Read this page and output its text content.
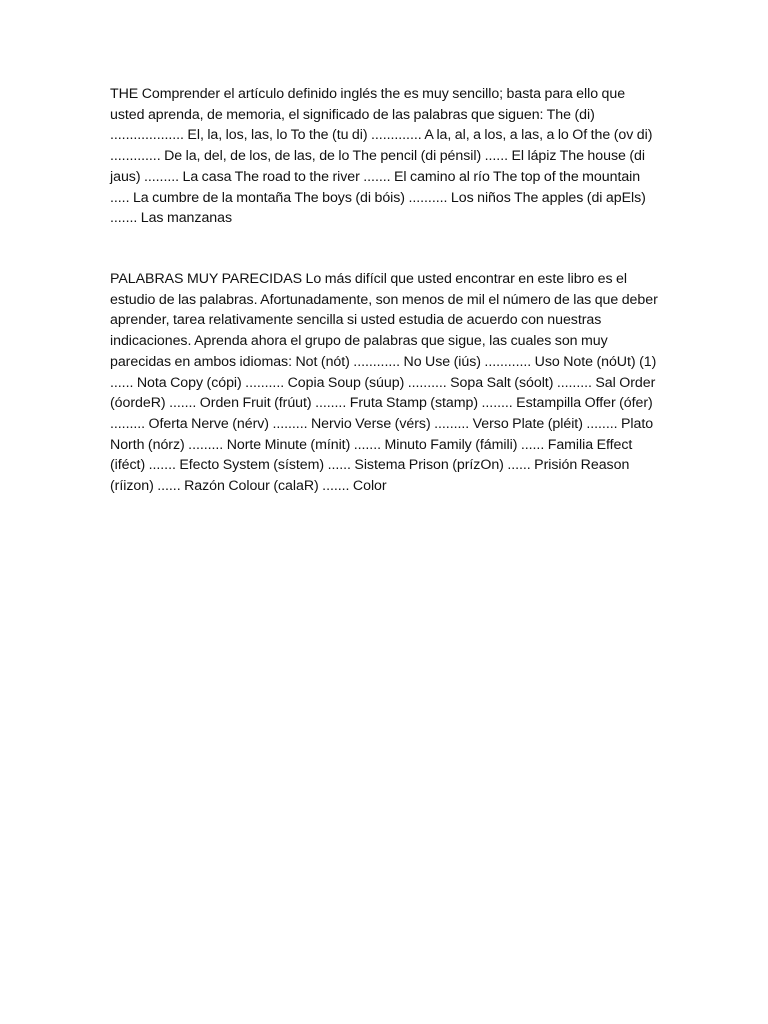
THE Comprender el artículo definido inglés the es muy sencillo; basta para ello que usted aprenda, de memoria, el significado de las palabras que siguen: The (di) ................... El, la, los, las, lo To the (tu di) ............. A la, al, a los, a las, a lo Of the (ov di) ............. De la, del, de los, de las, de lo The pencil (di pénsil) ...... El lápiz The house (di jaus) ......... La casa The road to the river ....... El camino al río The top of the mountain ..... La cumbre de la montaña The boys (di bóis) .......... Los niños The apples (di apEls) ....... Las manzanas

PALABRAS MUY PARECIDAS Lo más difícil que usted encontrar en este libro es el estudio de las palabras. Afortunadamente, son menos de mil el número de las que deber aprender, tarea relativamente sencilla si usted estudia de acuerdo con nuestras indicaciones. Aprenda ahora el grupo de palabras que sigue, las cuales son muy parecidas en ambos idiomas: Not (nót) ............ No Use (iús) ............ Uso Note (nóUt) (1) ...... Nota Copy (cópi) .......... Copia Soup (súup) .......... Sopa Salt (sóolt) ......... Sal Order (óordeR) ....... Orden Fruit (frúut) ........ Fruta Stamp (stamp) ........ Estampilla Offer (ófer) ......... Oferta Nerve (nérv) ......... Nervio Verse (vérs) ......... Verso Plate (pléit) ........ Plato North (nórz) ......... Norte Minute (mínit) ....... Minuto Family (fámili) ...... Familia Effect (iféct) ....... Efecto System (sístem) ...... Sistema Prison (prízOn) ...... Prisión Reason (ríizon) ...... Razón Colour (calaR) ....... Color
